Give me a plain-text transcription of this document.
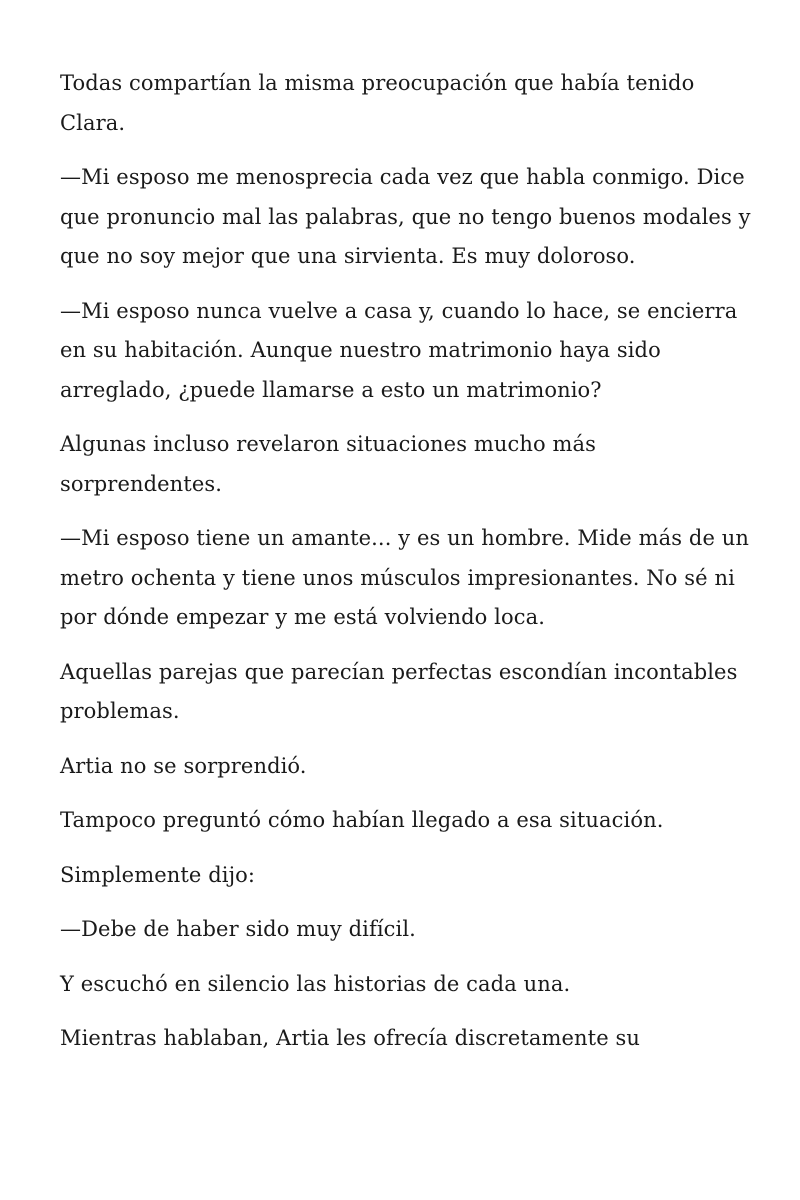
Todas compartían la misma preocupación que había tenido Clara.

—Mi esposo me menosprecia cada vez que habla conmigo. Dice que pronuncio mal las palabras, que no tengo buenos modales y que no soy mejor que una sirvienta. Es muy doloroso.

—Mi esposo nunca vuelve a casa y, cuando lo hace, se encierra en su habitación. Aunque nuestro matrimonio haya sido arreglado, ¿puede llamarse a esto un matrimonio?

Algunas incluso revelaron situaciones mucho más sorprendentes.

—Mi esposo tiene un amante... y es un hombre. Mide más de un metro ochenta y tiene unos músculos impresionantes. No sé ni por dónde empezar y me está volviendo loca.

Aquellas parejas que parecían perfectas escondían incontables problemas.

Artia no se sorprendió.

Tampoco preguntó cómo habían llegado a esa situación.

Simplemente dijo:

—Debe de haber sido muy difícil.

Y escuchó en silencio las historias de cada una.

Mientras hablaban, Artia les ofrecía discretamente su
